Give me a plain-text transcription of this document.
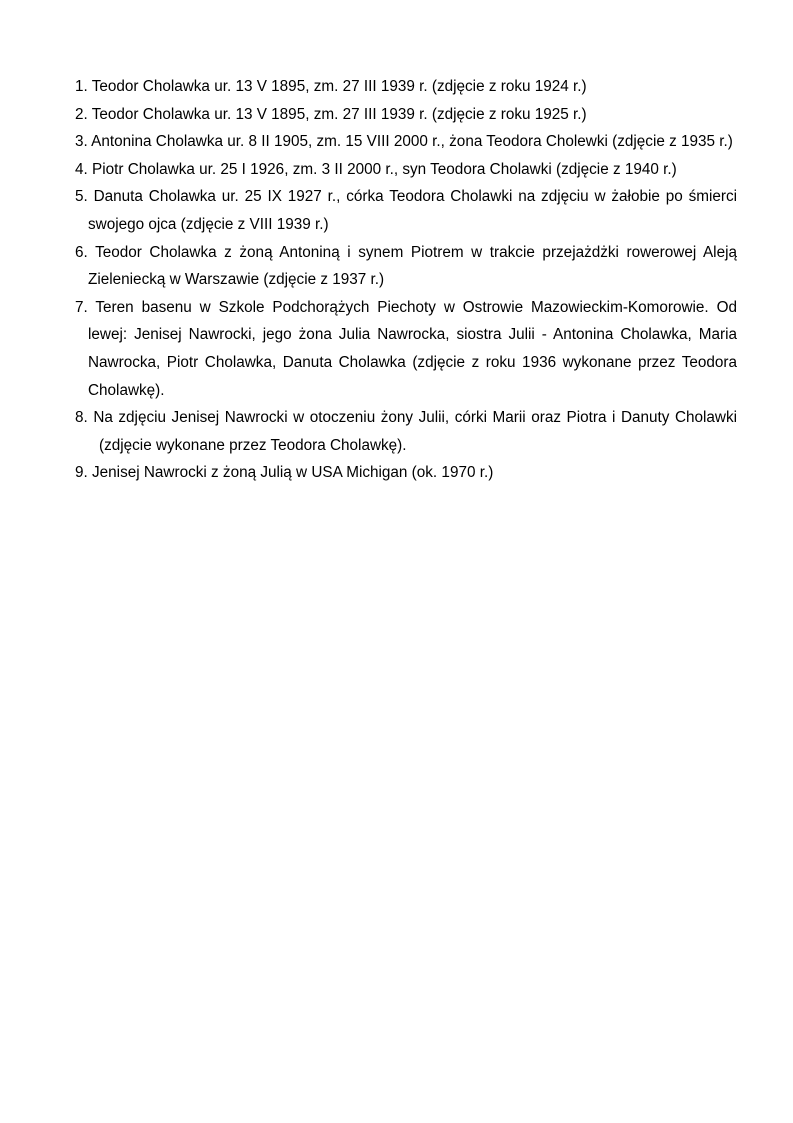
1. Teodor Cholawka ur. 13 V 1895, zm. 27 III 1939 r. (zdjęcie z roku 1924 r.)
2. Teodor Cholawka ur. 13 V 1895, zm. 27 III 1939 r. (zdjęcie z roku 1925 r.)
3. Antonina Cholawka ur. 8 II 1905, zm. 15 VIII 2000 r., żona Teodora Cholewki (zdjęcie z 1935 r.)
4. Piotr Cholawka ur. 25 I 1926, zm. 3 II 2000 r., syn Teodora Cholawki (zdjęcie z 1940 r.)
5. Danuta Cholawka ur. 25 IX 1927 r., córka Teodora Cholawki na zdjęciu w żałobie po śmierci swojego ojca (zdjęcie z VIII 1939 r.)
6. Teodor Cholawka z żoną Antoniną i synem Piotrem w trakcie przejażdżki rowerowej Aleją Zieleniecką w Warszawie (zdjęcie z 1937 r.)
7. Teren basenu w Szkole Podchorążych Piechoty w Ostrowie Mazowieckim-Komorowie. Od lewej: Jenisej Nawrocki, jego żona Julia Nawrocka, siostra Julii - Antonina Cholawka, Maria Nawrocka, Piotr Cholawka, Danuta Cholawka (zdjęcie z roku 1936 wykonane przez Teodora Cholawkę).
8. Na zdjęciu Jenisej Nawrocki w otoczeniu żony Julii, córki Marii oraz Piotra i Danuty Cholawki (zdjęcie wykonane przez Teodora Cholawkę).
9. Jenisej Nawrocki z żoną Julią w USA Michigan (ok. 1970 r.)
